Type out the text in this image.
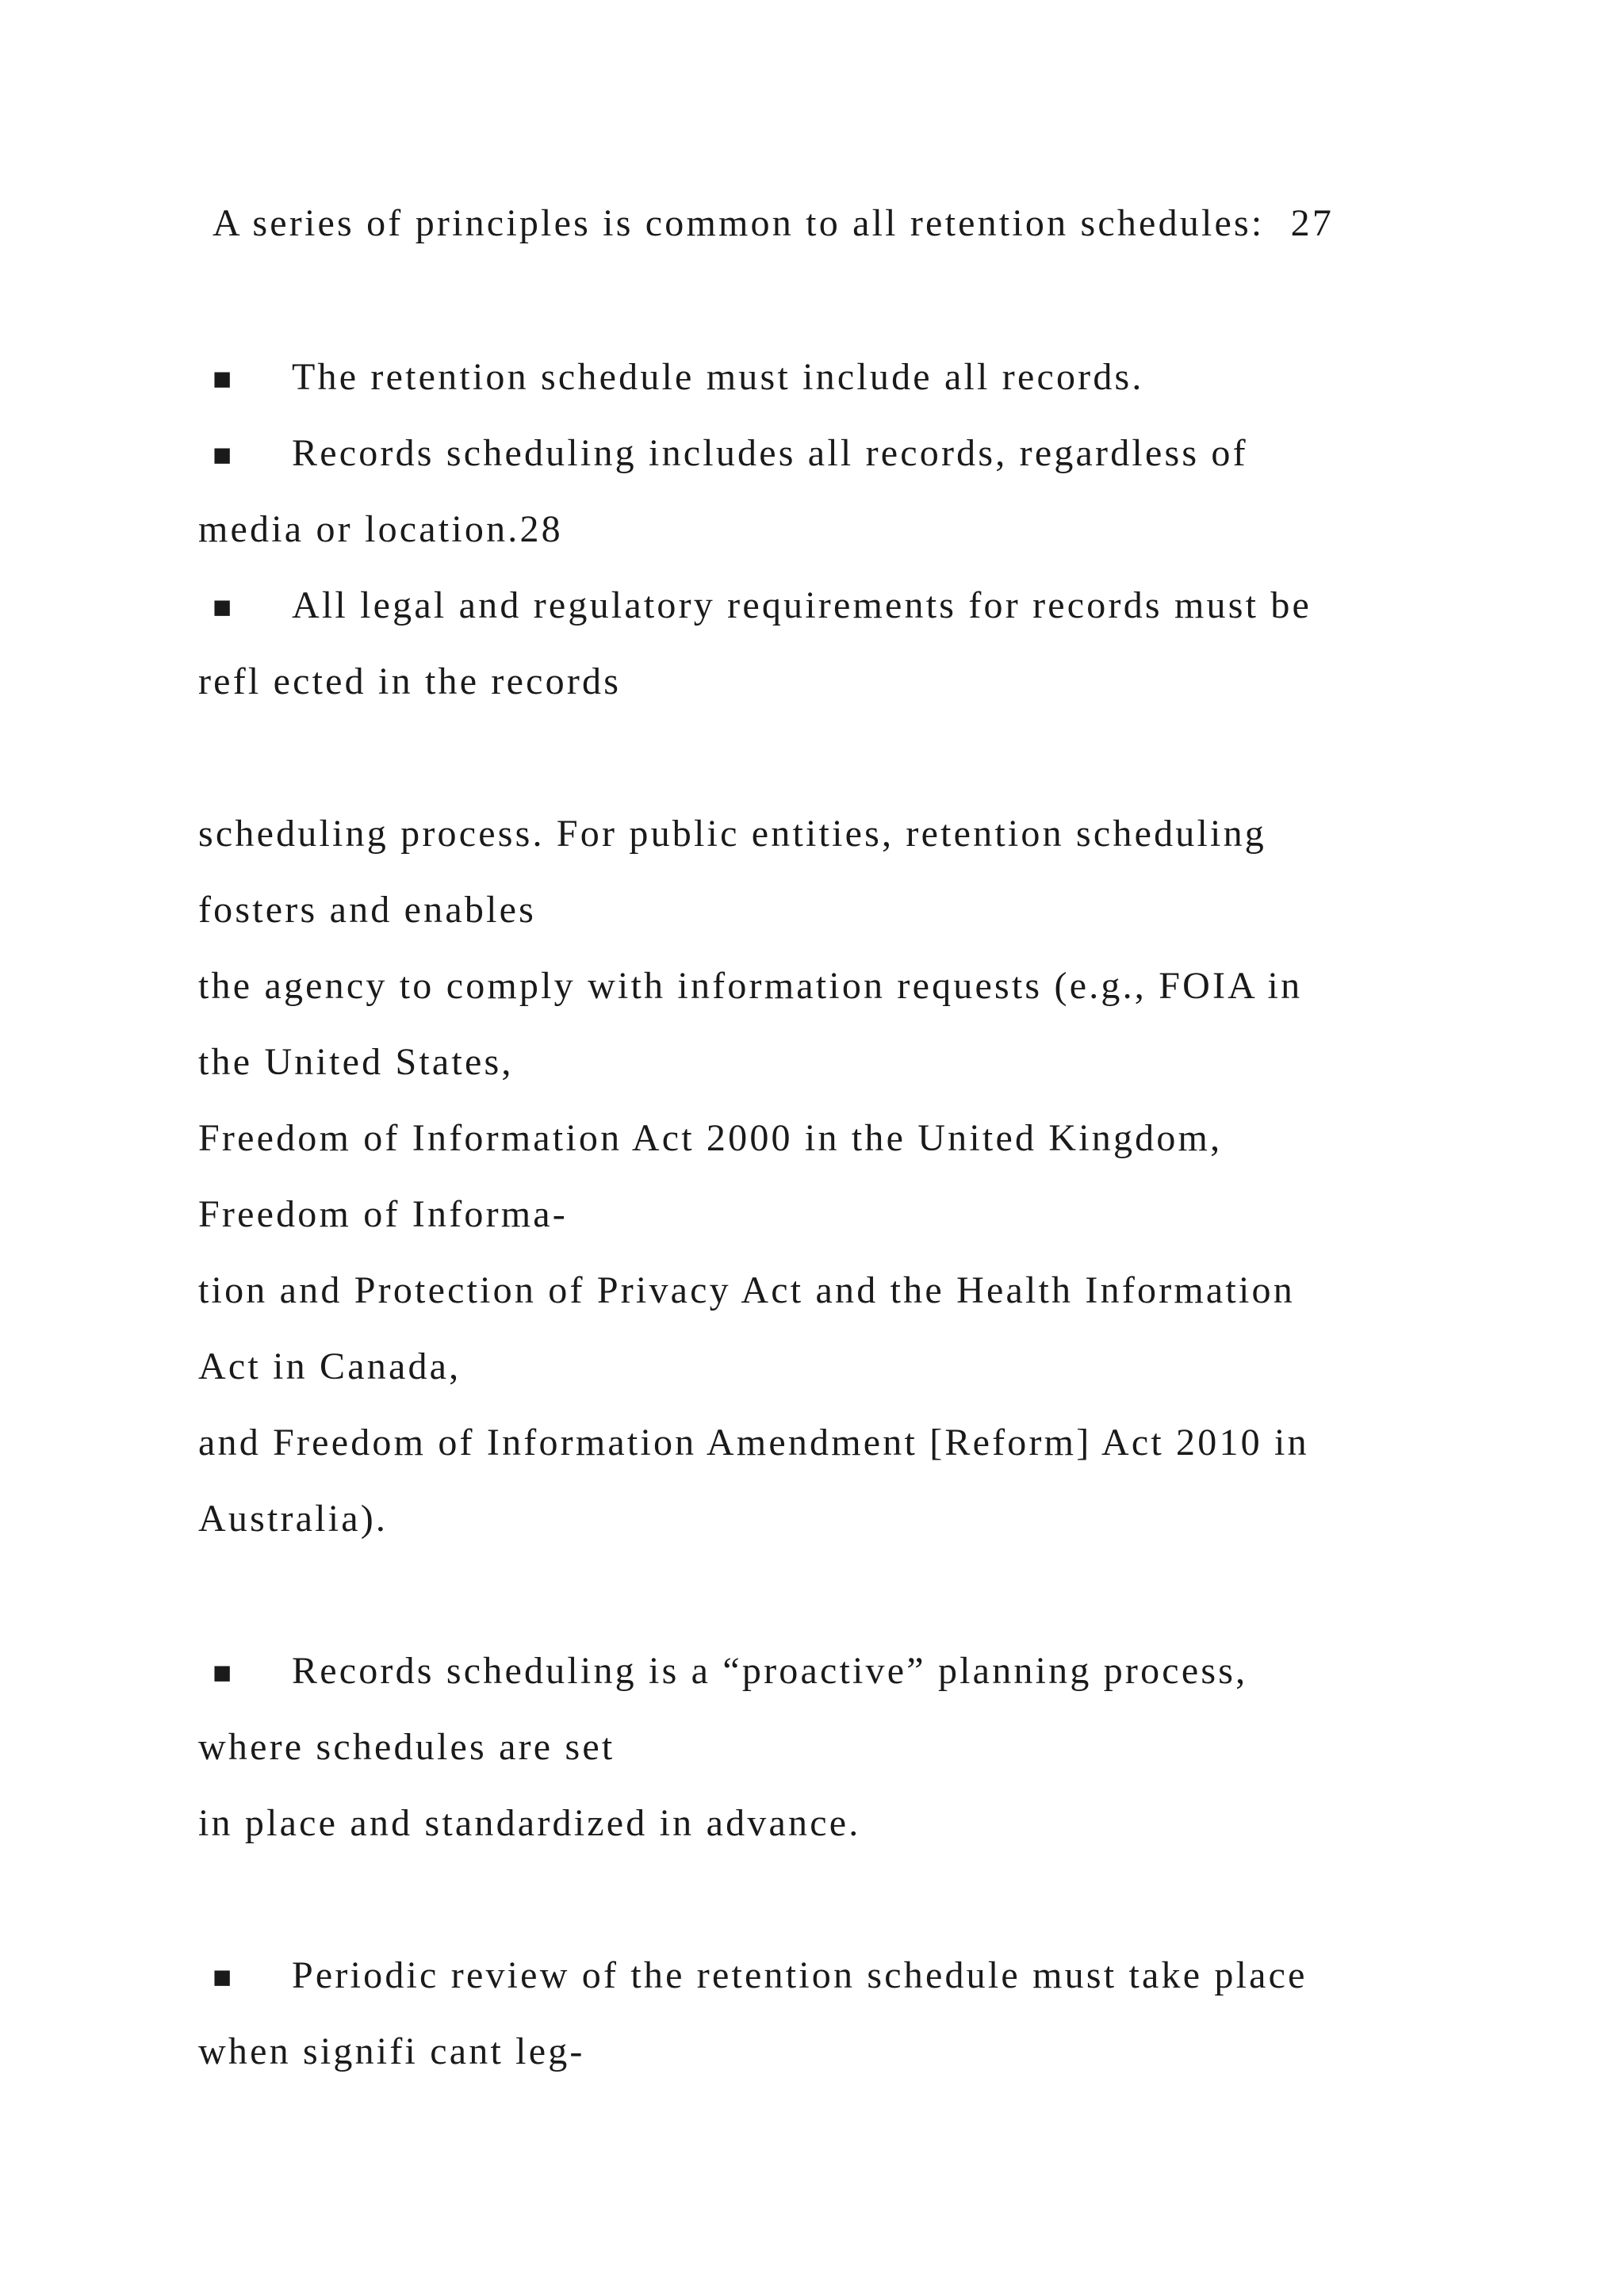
A series of principles is common to all retention schedules: 27
■ The retention schedule must include all records.
■ Records scheduling includes all records, regardless of
media or location.28
■ All legal and regulatory requirements for records must be
refl ected in the records
scheduling process. For public entities, retention scheduling
fosters and enables
the agency to comply with information requests (e.g., FOIA in
the United States,
Freedom of Information Act 2000 in the United Kingdom,
Freedom of Informa-
tion and Protection of Privacy Act and the Health Information
Act in Canada,
and Freedom of Information Amendment [Reform] Act 2010 in
Australia).
■ Records scheduling is a “proactive” planning process,
where schedules are set
in place and standardized in advance.
■ Periodic review of the retention schedule must take place
when signifi cant leg-
